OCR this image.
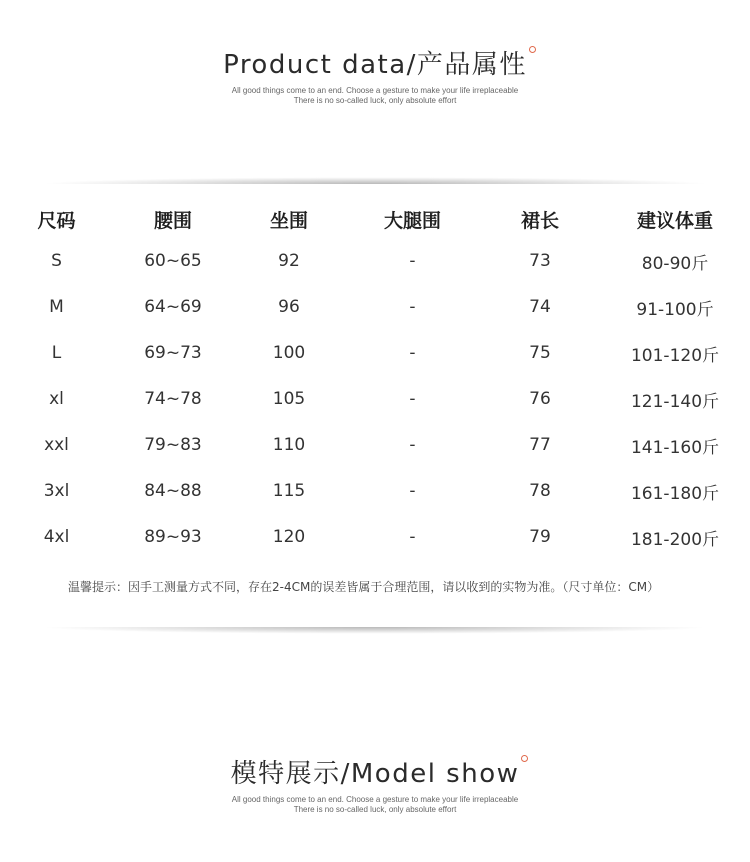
Product data/产品属性
All good things come to an end. Choose a gesture to make your life irreplaceable
There is no so-called luck, only absolute effort
尺码	腰围	坐围	大腿围	裙长	建议体重
S	60~65	92	-	73	80-90斤
M	64~69	96	-	74	91-100斤
L	69~73	100	-	75	101-120斤
xl	74~78	105	-	76	121-140斤
xxl	79~83	110	-	77	141-160斤
3xl	84~88	115	-	78	161-180斤
4xl	89~93	120	-	79	181-200斤
温馨提示：因手工测量方式不同，存在2-4CM的误差皆属于合理范围，请以收到的实物为准。（尺寸单位：CM）
模特展示/Model show
All good things come to an end. Choose a gesture to make your life irreplaceable
There is no so-called luck, only absolute effort
